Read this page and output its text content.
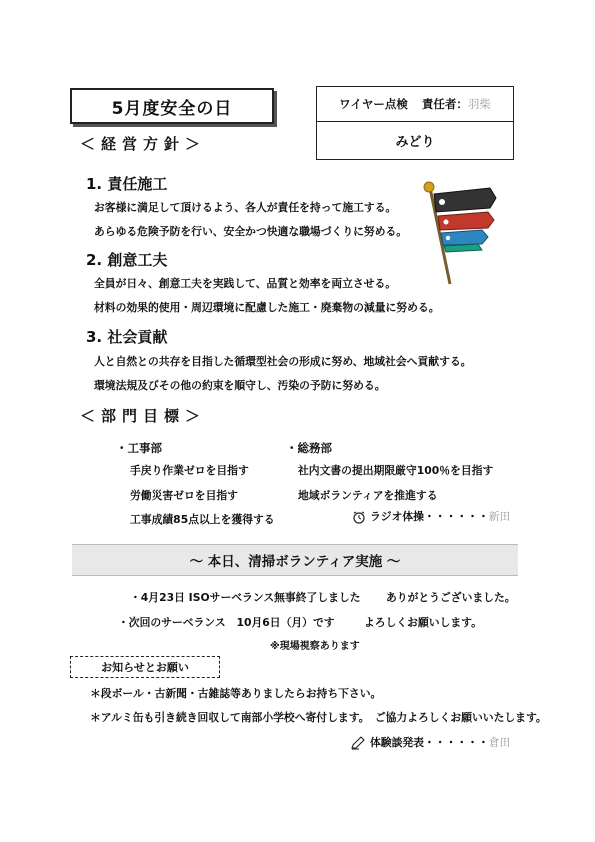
5月度安全の日	ワイヤー点検 責任者：羽柴
みどり
＜経営方針＞
1. 責任施工
お客様に満足して頂けるよう、各人が責任を持って施工する。
あらゆる危険予防を行い、安全かつ快適な職場づくりに努める。
2. 創意工夫
全員が日々、創意工夫を実践して、品質と効率を両立させる。
材料の効果的使用・周辺環境に配慮した施工・廃棄物の減量に努める。
3. 社会貢献
人と自然との共存を目指した循環型社会の形成に努め、地域社会へ貢献する。
環境法規及びその他の約束を順守し、汚染の予防に努める。
＜部門目標＞
・工事部
手戻り作業ゼロを目指す
労働災害ゼロを目指す
工事成績85点以上を獲得する
・総務部
社内文書の提出期限厳守100％を目指す
地域ボランティアを推進する
ラジオ体操・・・・・・新田
～ 本日、清掃ボランティア実施 ～
・4月23日 ISOサーベランス無事終了しました ありがとうございました。
・次回のサーベランス　10月6日（月）です	よろしくお願いします。
※現場視察あります
お知らせとお願い
＊段ボール・古新聞・古雑誌等ありましたらお持ち下さい。
＊アルミ缶も引き続き回収して南部小学校へ寄付します。　ご協力よろしくお願いいたします。
体験談発表・・・・・・倉田
